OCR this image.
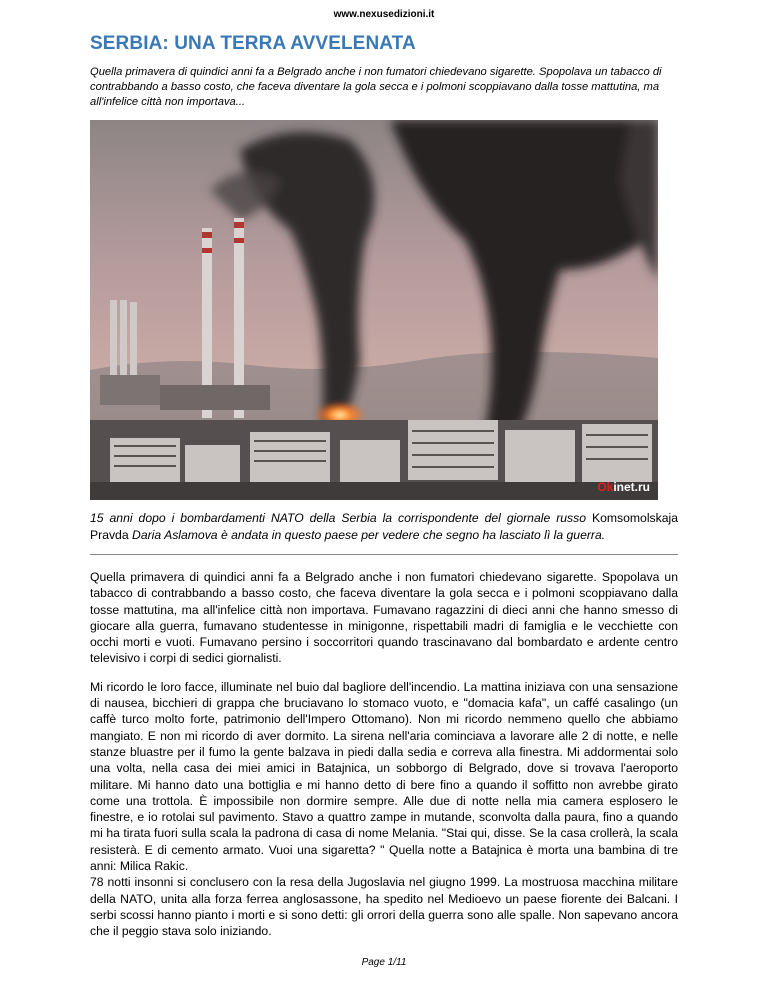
www.nexusedizioni.it
SERBIA: UNA TERRA AVVELENATA
Quella primavera di quindici anni fa a Belgrado anche i non fumatori chiedevano sigarette. Spopolava un tabacco di contrabbando a basso costo, che faceva diventare la gola secca e i polmoni scoppiavano dalla tosse mattutina, ma all'infelice città non importava...
Okinet.ru
15 anni dopo i bombardamenti NATO della Serbia la corrispondente del giornale russo Komsomolskaja Pravda Daria Aslamova è andata in questo paese per vedere che segno ha lasciato lì la guerra.

Quella primavera di quindici anni fa a Belgrado anche i non fumatori chiedevano sigarette. Spopolava un tabacco di contrabbando a basso costo, che faceva diventare la gola secca e i polmoni scoppiavano dalla tosse mattutina, ma all'infelice città non importava. Fumavano ragazzini di dieci anni che hanno smesso di giocare alla guerra, fumavano studentesse in minigonne, rispettabili madri di famiglia e le vecchiette con occhi morti e vuoti. Fumavano persino i soccorritori quando trascinavano dal bombardato e ardente centro televisivo i corpi di sedici giornalisti.

Mi ricordo le loro facce, illuminate nel buio dal bagliore dell'incendio. La mattina iniziava con una sensazione di nausea, bicchieri di grappa che bruciavano lo stomaco vuoto, e "domacia kafa", un caffé casalingo (un caffè turco molto forte, patrimonio dell'Impero Ottomano). Non mi ricordo nemmeno quello che abbiamo mangiato. E non mi ricordo di aver dormito. La sirena nell'aria cominciava a lavorare alle 2 di notte, e nelle stanze bluastre per il fumo la gente balzava in piedi dalla sedia e correva alla finestra. Mi addormentai solo una volta, nella casa dei miei amici in Batajnica, un sobborgo di Belgrado, dove si trovava l'aeroporto militare. Mi hanno dato una bottiglia e mi hanno detto di bere fino a quando il soffitto non avrebbe girato come una trottola. È impossibile non dormire sempre. Alle due di notte nella mia camera esplosero le finestre, e io rotolai sul pavimento. Stavo a quattro zampe in mutande, sconvolta dalla paura, fino a quando mi ha tirata fuori sulla scala la padrona di casa di nome Melania. "Stai qui, disse. Se la casa crollerà, la scala resisterà. E di cemento armato. Vuoi una sigaretta? " Quella notte a Batajnica è morta una bambina di tre anni: Milica Rakic.
78 notti insonni si conclusero con la resa della Jugoslavia nel giugno 1999. La mostruosa macchina militare della NATO, unita alla forza ferrea anglosassone, ha spedito nel Medioevo un paese fiorente dei Balcani. I serbi scossi hanno pianto i morti e si sono detti: gli orrori della guerra sono alle spalle. Non sapevano ancora che il peggio stava solo iniziando.

Page 1/11
